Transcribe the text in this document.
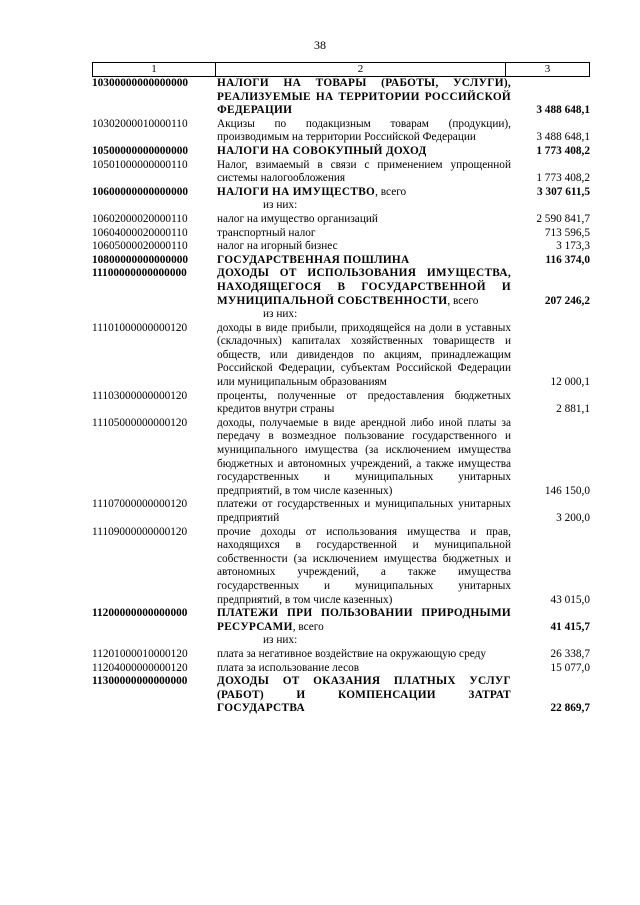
38
1	2	3
10300000000000000	НАЛОГИ НА ТОВАРЫ (РАБОТЫ, УСЛУГИ), РЕАЛИЗУЕМЫЕ НА ТЕРРИТОРИИ РОССИЙСКОЙ ФЕДЕРАЦИИ	3 488 648,1
10302000010000110	Акцизы по подакцизным товарам (продукции), производимым на территории Российской Федерации	3 488 648,1
10500000000000000	НАЛОГИ НА СОВОКУПНЫЙ ДОХОД	1 773 408,2
10501000000000110	Налог, взимаемый в связи с применением упрощенной системы налогообложения	1 773 408,2
10600000000000000	НАЛОГИ НА ИМУЩЕСТВО, всего	3 307 611,5
из них:
10602000020000110	налог на имущество организаций	2 590 841,7
10604000020000110	транспортный налог	713 596,5
10605000020000110	налог на игорный бизнес	3 173,3
10800000000000000	ГОСУДАРСТВЕННАЯ ПОШЛИНА	116 374,0
11100000000000000	ДОХОДЫ ОТ ИСПОЛЬЗОВАНИЯ ИМУЩЕСТВА, НАХОДЯЩЕГОСЯ В ГОСУДАРСТВЕННОЙ И МУНИЦИПАЛЬНОЙ СОБСТВЕННОСТИ, всего	207 246,2
из них:
11101000000000120	доходы в виде прибыли, приходящейся на доли в уставных (складочных) капиталах хозяйственных товариществ и обществ, или дивидендов по акциям, принадлежащим Российской Федерации, субъектам Российской Федерации или муниципальным образованиям	12 000,1
11103000000000120	проценты, полученные от предоставления бюджетных кредитов внутри страны	2 881,1
11105000000000120	доходы, получаемые в виде арендной либо иной платы за передачу в возмездное пользование государственного и муниципального имущества (за исключением имущества бюджетных и автономных учреждений, а также имущества государственных и муниципальных унитарных предприятий, в том числе казенных)	146 150,0
11107000000000120	платежи от государственных и муниципальных унитарных предприятий	3 200,0
11109000000000120	прочие доходы от использования имущества и прав, находящихся в государственной и муниципальной собственности (за исключением имущества бюджетных и автономных учреждений, а также имущества государственных и муниципальных унитарных предприятий, в том числе казенных)	43 015,0
11200000000000000	ПЛАТЕЖИ ПРИ ПОЛЬЗОВАНИИ ПРИРОДНЫМИ РЕСУРСАМИ, всего	41 415,7
из них:
11201000010000120	плата за негативное воздействие на окружающую среду	26 338,7
11204000000000120	плата за использование лесов	15 077,0
11300000000000000	ДОХОДЫ ОТ ОКАЗАНИЯ ПЛАТНЫХ УСЛУГ (РАБОТ) И КОМПЕНСАЦИИ ЗАТРАТ ГОСУДАРСТВА	22 869,7
